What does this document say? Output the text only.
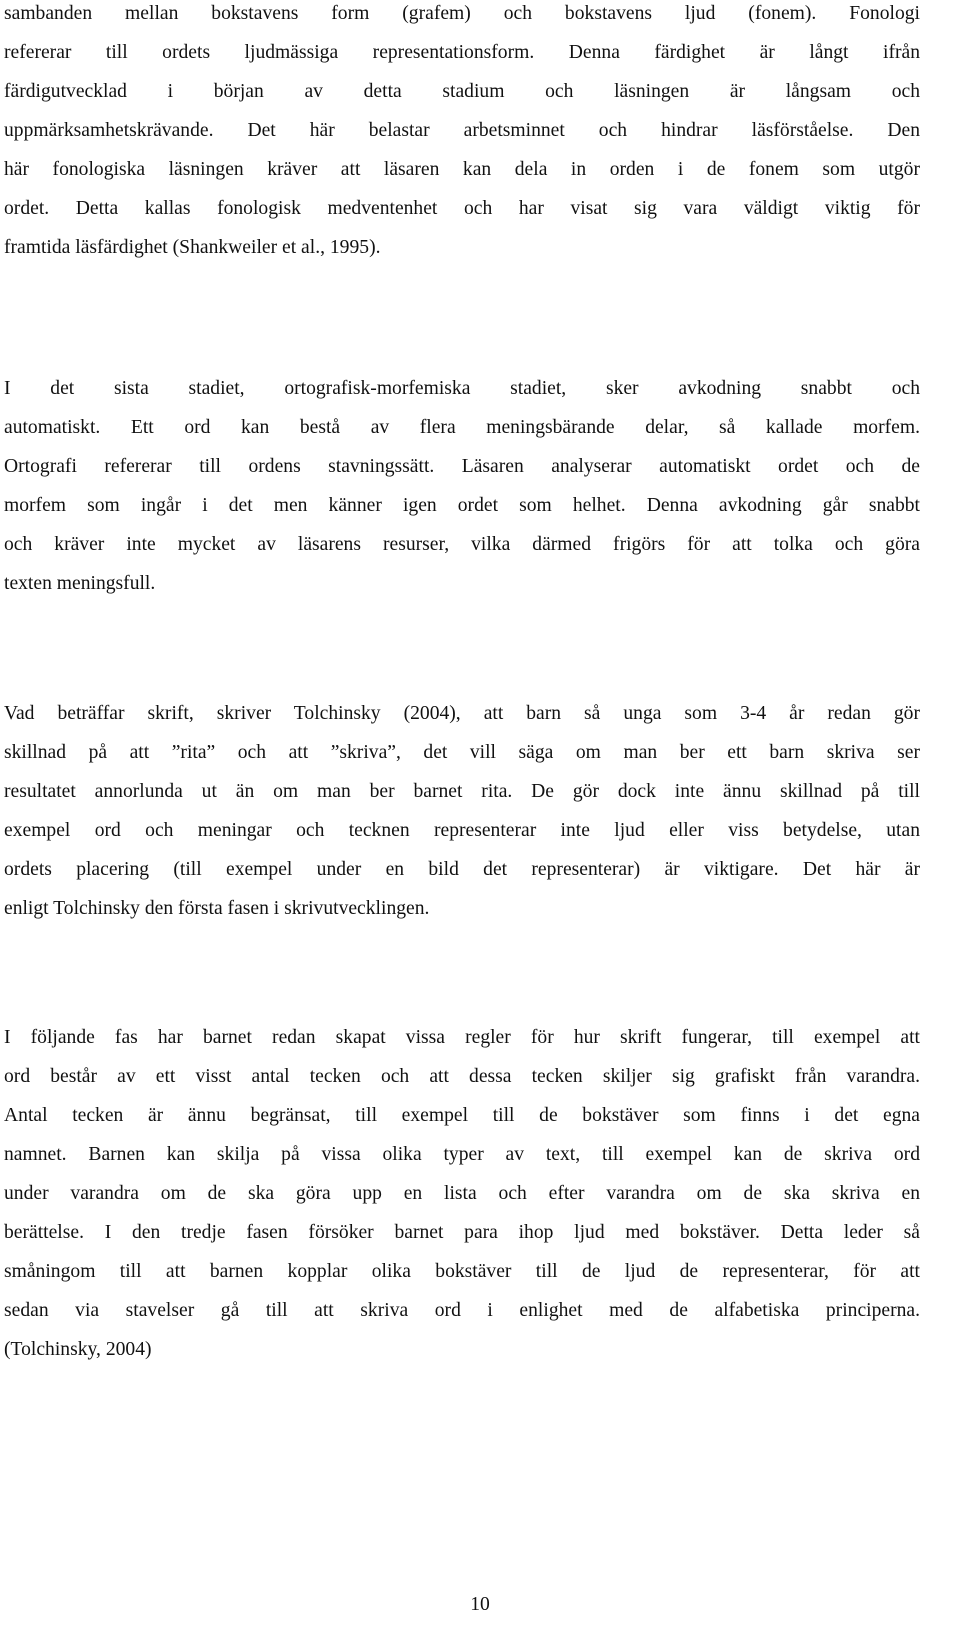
sambanden mellan bokstavens form (grafem) och bokstavens ljud (fonem). Fonologi
refererar till ordets ljudmässiga representationsform. Denna färdighet är långt ifrån
färdigutvecklad i början av detta stadium och läsningen är långsam och
uppmärksamhetskrävande. Det här belastar arbetsminnet och hindrar läsförståelse. Den
här fonologiska läsningen kräver att läsaren kan dela in orden i de fonem som utgör
ordet. Detta kallas fonologisk medventenhet och har visat sig vara väldigt viktig för
framtida läsfärdighet (Shankweiler et al., 1995).
I det sista stadiet, ortografisk-morfemiska stadiet, sker avkodning snabbt och
automatiskt. Ett ord kan bestå av flera meningsbärande delar, så kallade morfem.
Ortografi refererar till ordens stavningssätt. Läsaren analyserar automatiskt ordet och de
morfem som ingår i det men känner igen ordet som helhet. Denna avkodning går snabbt
och kräver inte mycket av läsarens resurser, vilka därmed frigörs för att tolka och göra
texten meningsfull.
Vad beträffar skrift, skriver Tolchinsky (2004), att barn så unga som 3-4 år redan gör
skillnad på att ”rita” och att ”skriva”, det vill säga om man ber ett barn skriva ser
resultatet annorlunda ut än om man ber barnet rita. De gör dock inte ännu skillnad på till
exempel ord och meningar och tecknen representerar inte ljud eller viss betydelse, utan
ordets placering (till exempel under en bild det representerar) är viktigare. Det här är
enligt Tolchinsky den första fasen i skrivutvecklingen.
I följande fas har barnet redan skapat vissa regler för hur skrift fungerar, till exempel att
ord består av ett visst antal tecken och att dessa tecken skiljer sig grafiskt från varandra.
Antal tecken är ännu begränsat, till exempel till de bokstäver som finns i det egna
namnet. Barnen kan skilja på vissa olika typer av text, till exempel kan de skriva ord
under varandra om de ska göra upp en lista och efter varandra om de ska skriva en
berättelse. I den tredje fasen försöker barnet para ihop ljud med bokstäver. Detta leder så
småningom till att barnen kopplar olika bokstäver till de ljud de representerar, för att
sedan via stavelser gå till att skriva ord i enlighet med de alfabetiska principerna.
(Tolchinsky, 2004)
10
